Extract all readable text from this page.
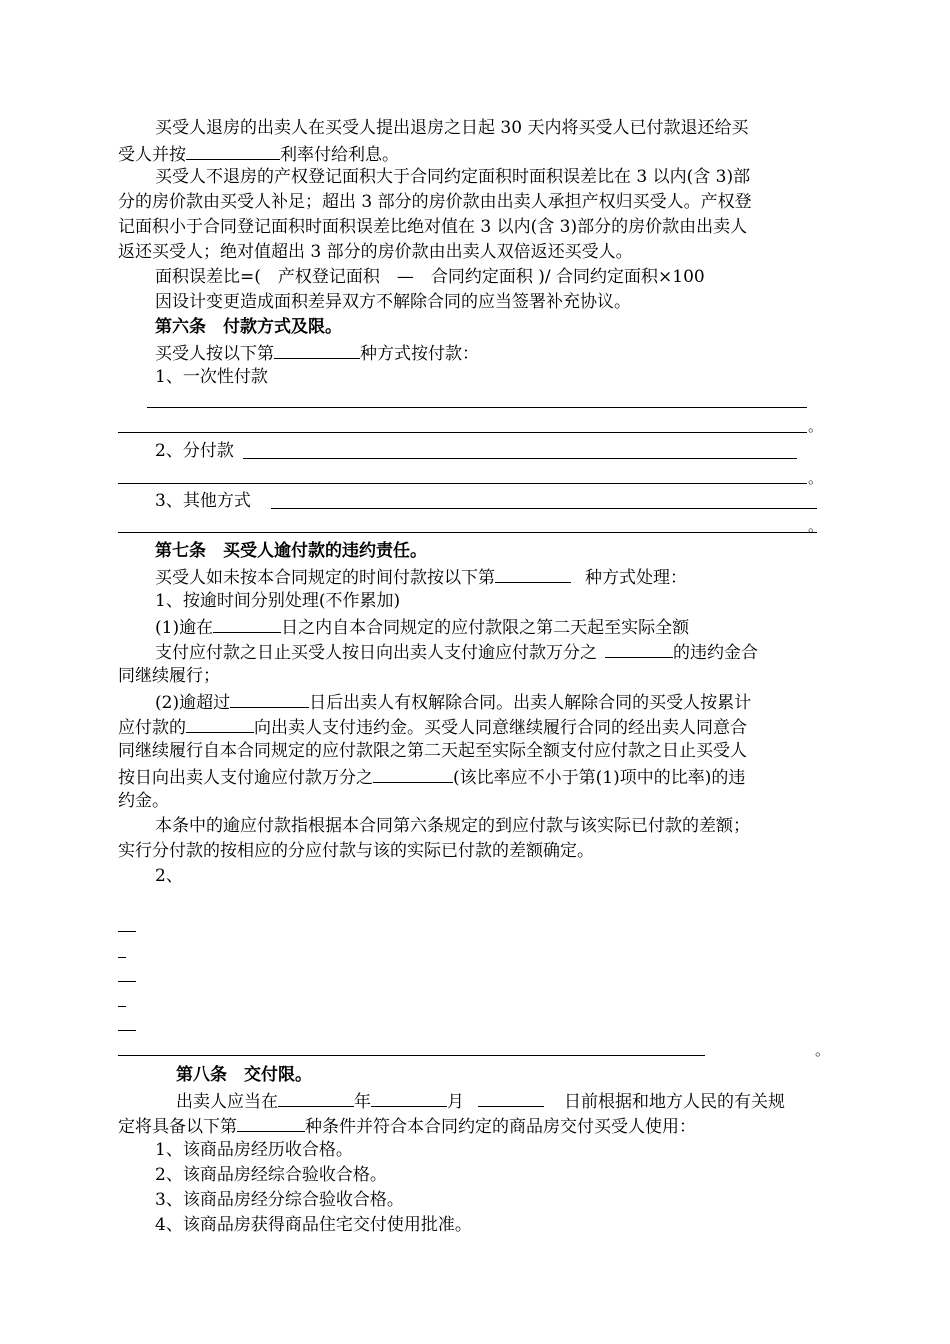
买受人退房的出卖人在买受人提出退房之日起 30 天内将买受人已付款退还给买
受人并按	利率付给利息。
买受人不退房的产权登记面积大于合同约定面积时面积误差比在 3 以内(含 3)部
分的房价款由买受人补足；超出 3 部分的房价款由出卖人承担产权归买受人。产权登
记面积小于合同登记面积时面积误差比绝对值在 3 以内(含 3)部分的房价款由出卖人
返还买受人；绝对值超出 3 部分的房价款由出卖人双倍返还买受人。
面积误差比=(　产权登记面积　—　合同约定面积 )/ 合同约定面积×100
因设计变更造成面积差异双方不解除合同的应当签署补充协议。
第六条　付款方式及限。
买受人按以下第	种方式按付款：
1、一次性付款
。
2、分付款
。
3、其他方式
。
第七条　买受人逾付款的违约责任。
买受人如未按本合同规定的时间付款按以下第	种方式处理：
1、按逾时间分别处理(不作累加)
(1)逾在	日之内自本合同规定的应付款限之第二天起至实际全额
支付应付款之日止买受人按日向出卖人支付逾应付款万分之	的违约金合
同继续履行；
(2)逾超过	日后出卖人有权解除合同。出卖人解除合同的买受人按累计
应付款的	向出卖人支付违约金。买受人同意继续履行合同的经出卖人同意合
同继续履行自本合同规定的应付款限之第二天起至实际全额支付应付款之日止买受人
按日向出卖人支付逾应付款万分之	(该比率应不小于第(1)项中的比率)的违
约金。
本条中的逾应付款指根据本合同第六条规定的到应付款与该实际已付款的差额；
实行分付款的按相应的分应付款与该的实际已付款的差额确定。
2、
。
第八条　交付限。
出卖人应当在	年	月	日前根据和地方人民的有关规
定将具备以下第	种条件并符合本合同约定的商品房交付买受人使用：
1、该商品房经历收合格。
2、该商品房经综合验收合格。
3、该商品房经分综合验收合格。
4、该商品房获得商品住宅交付使用批准。
